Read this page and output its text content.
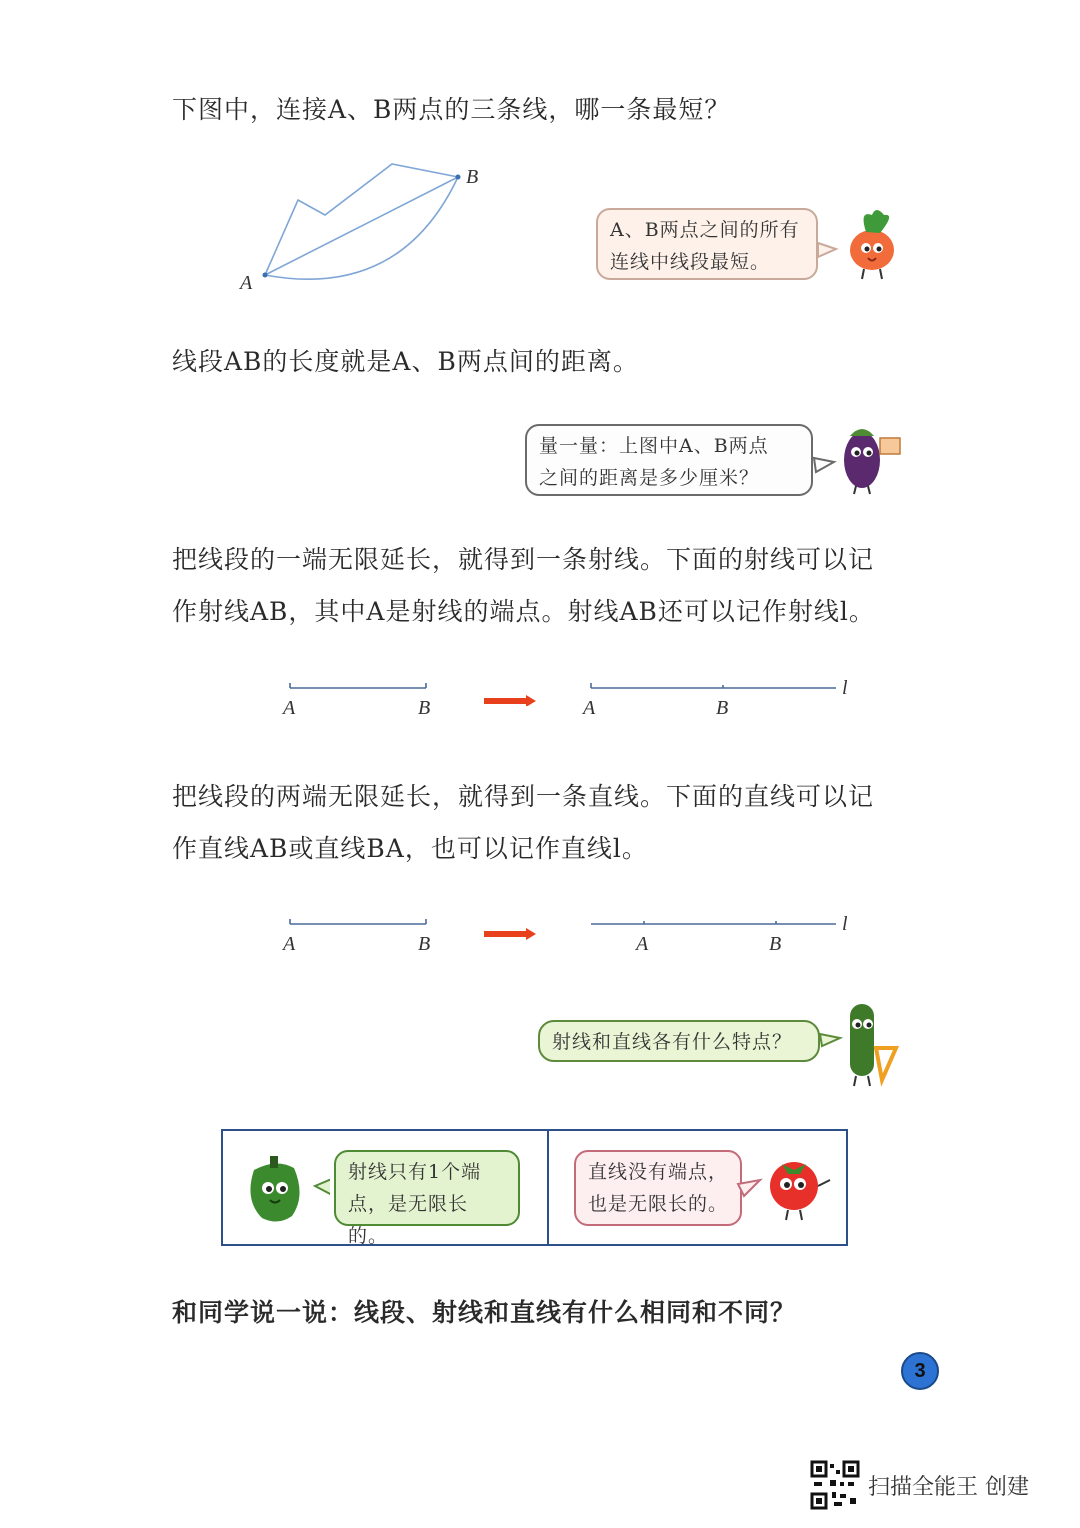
下图中，连接A、B两点的三条线，哪一条最短？
A
B
A、B两点之间的所有
连线中线段最短。
线段AB的长度就是A、B两点间的距离。
量一量：上图中A、B两点
之间的距离是多少厘米？
把线段的一端无限延长，就得到一条射线。下面的射线可以记
作射线AB，其中A是射线的端点。射线AB还可以记作射线l。
A	B	A	B
l
把线段的两端无限延长，就得到一条直线。下面的直线可以记
作直线AB或直线BA，也可以记作直线l。
A	B	A	B
l
射线和直线各有什么特点？
射线只有1个端
点，是无限长的。
直线没有端点，
也是无限长的。
和同学说一说：线段、射线和直线有什么相同和不同？
3
扫描全能王 创建
